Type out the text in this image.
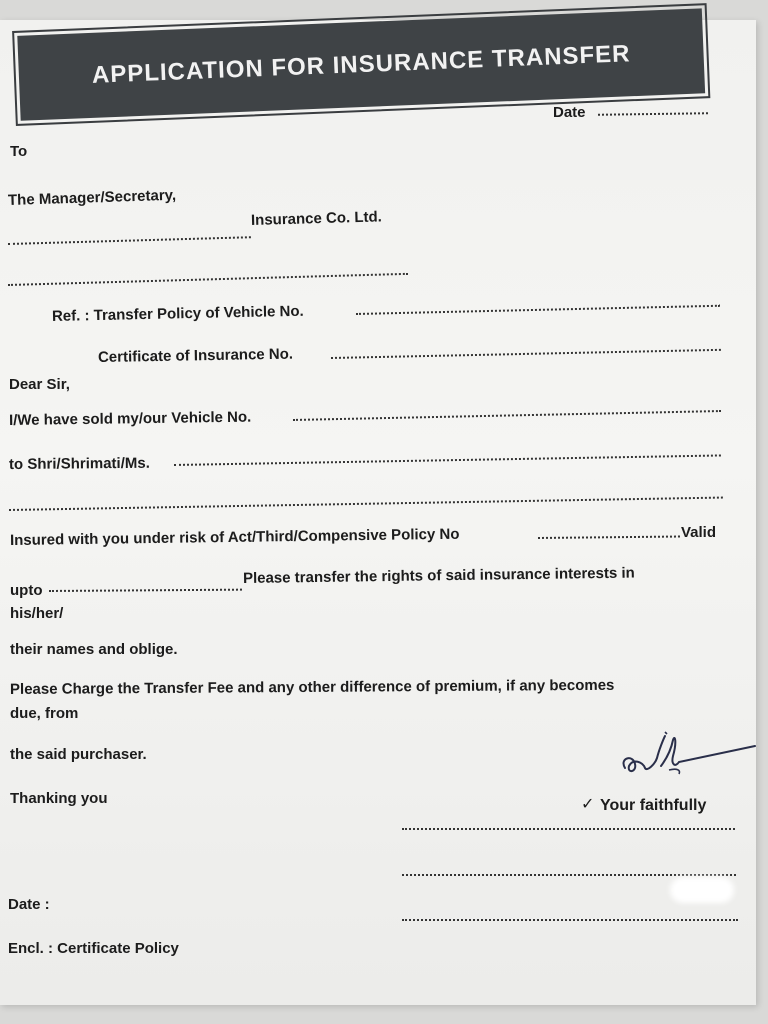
APPLICATION FOR INSURANCE TRANSFER
Date
To
The Manager/Secretary,
Insurance Co. Ltd.
Ref. : Transfer Policy of Vehicle No.
Certificate of Insurance No.
Dear Sir,
I/We have sold my/our Vehicle No.
to Shri/Shrimati/Ms.
Insured with you under risk of Act/Third/Compensive Policy No	Valid
upto
Please transfer the rights of said insurance interests in
his/her/
their names and oblige.
Please Charge the Transfer Fee and any other difference of premium, if any becomes
due, from
the said purchaser.
Thanking you	✓ Your faithfully
Date :
Encl. : Certificate Policy
